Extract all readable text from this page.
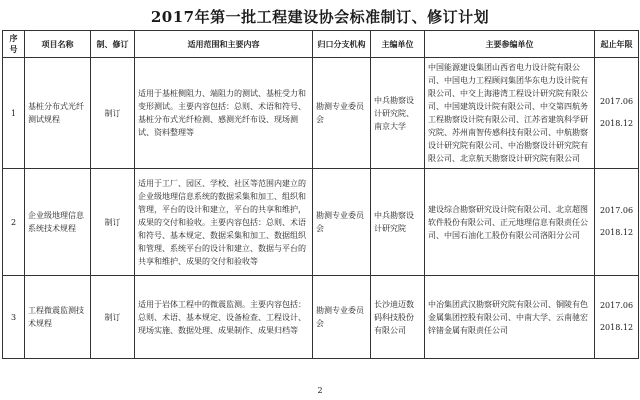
2017年第一批工程建设协会标准制订、修订计划
序号	项目名称	制、修订	适用范围和主要内容	归口分支机构	主编单位	主要参编单位	起止年限
1	基桩分布式光纤测试规程	制订	适用于基桩侧阻力、端阻力的测试、基桩受力和变形测试。主要内容包括：总则、术语和符号、基桩分布式光纤检测、感测光纤布设、现场测试、资料整理等	勘测专业委员会	中兵勘察设计研究院、南京大学	中国能源建设集团山西省电力设计院有限公司、中国电力工程顾问集团华东电力设计院有限公司、中交上海港湾工程设计研究院有限公司、中国建筑设计院有限公司、中交第四航务工程勘察设计院有限公司、江苏省建筑科学研究院、苏州南智传感科技有限公司、中航勘察设计研究院有限公司、中冶勘察设计研究院有限公司、北京航天勘察设计研究院有限公司	2017.06
2018.12

2	企业级地理信息系统技术规程	制订	适用于工厂、园区、学校、社区等范围内建立的企业级地理信息系统的数据采集和加工、组织和管理，平台的设计和建立，平台的共享和维护，成果的交付和验收。主要内容包括：总则、术语和符号、基本规定、数据采集和加工、数据组织和管理、系统平台的设计和建立、数据与平台的共享和维护、成果的交付和验收等	勘测专业委员会	中兵勘察设计研究院	建设综合勘察研究设计院有限公司、北京超图软件股份有限公司、正元地理信息有限责任公司、中国石油化工股份有限公司洛阳分公司	2017.06
2018.12

3	工程微震监测技术规程	制订	适用于岩体工程中的微震监测。主要内容包括：总则、术语、基本规定、设备检查、工程设计、现场实施、数据处理、成果制作、成果归档等	勘测专业委员会	长沙迪迈数码科技股份有限公司	中冶集团武汉勘察研究院有限公司、铜陵有色金属集团控股有限公司、中南大学、云南驰宏锌锗金属有限责任公司	2017.06
2018.12
2
